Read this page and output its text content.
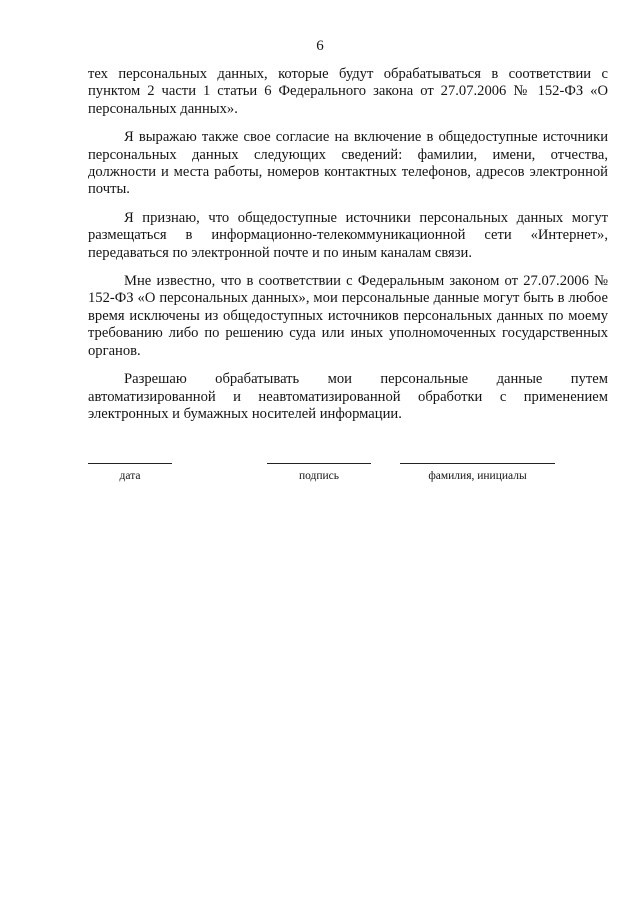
6

тех персональных данных, которые будут обрабатываться в соответствии с пунктом 2 части 1 статьи 6 Федерального закона от 27.07.2006 № 152-ФЗ «О персональных данных».

Я выражаю также свое согласие на включение в общедоступные источники персональных данных следующих сведений: фамилии, имени, отчества, должности и места работы, номеров контактных телефонов, адресов электронной почты.

Я признаю, что общедоступные источники персональных данных могут размещаться в информационно-телекоммуникационной сети «Интернет», передаваться по электронной почте и по иным каналам связи.

Мне известно, что в соответствии с Федеральным законом от 27.07.2006 № 152-ФЗ «О персональных данных», мои персональные данные могут быть в любое время исключены из общедоступных источников персональных данных по моему требованию либо по решению суда или иных уполномоченных государственных органов.

Разрешаю обрабатывать мои персональные данные путем автоматизированной и неавтоматизированной обработки с применением электронных и бумажных носителей информации.

дата	подпись	фамилия, инициалы
